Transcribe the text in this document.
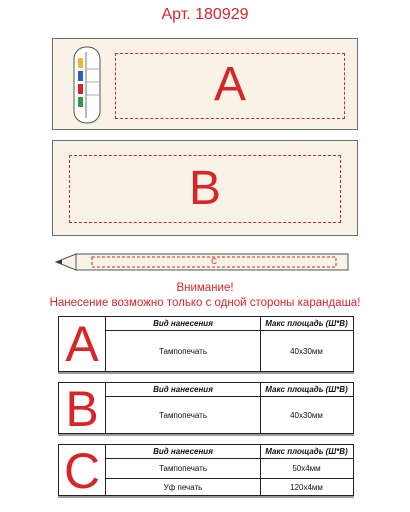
Арт. 180929
A
B
C
Внимание!
Нанесение возможно только с одной стороны карандаша!
A	Вид нанесения	Макс площадь (Ш*В)
Тампопечать	40х30мм
B	Вид нанесения	Макс площадь (Ш*В)
Тампопечать	40х30мм
C	Вид нанесения	Макс площадь (Ш*В)
Тампопечать	50х4мм
Уф печать	120х4мм
